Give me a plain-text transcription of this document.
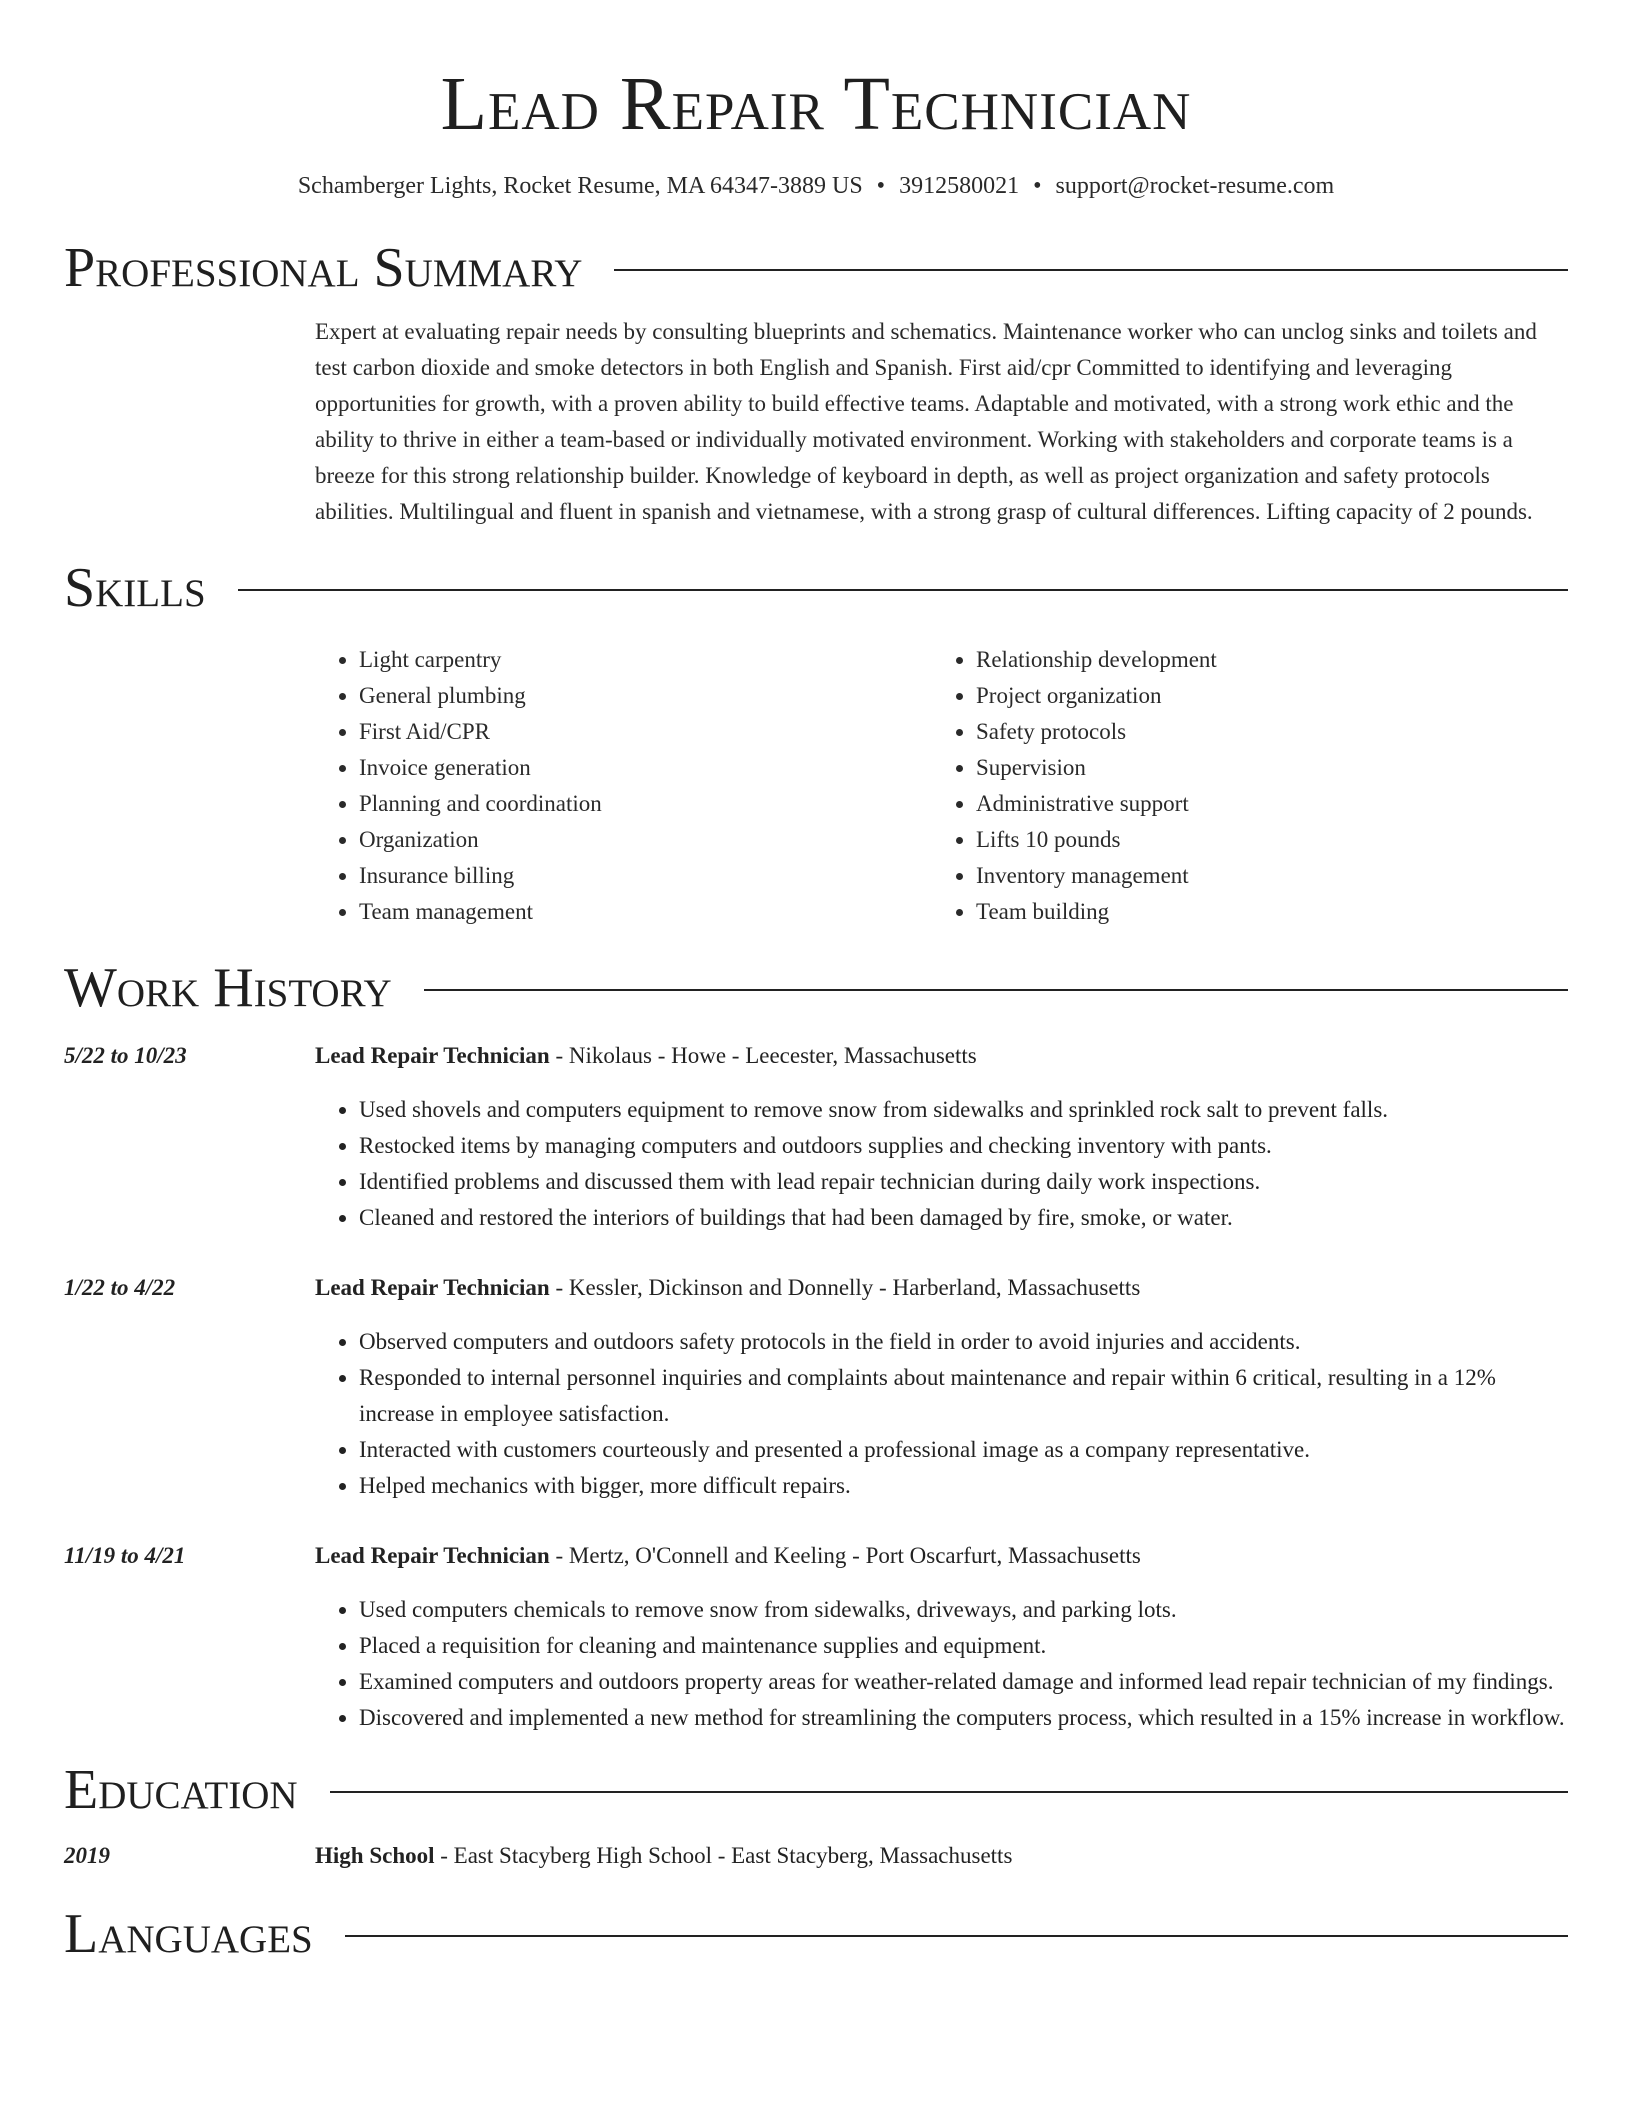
Lead Repair Technician
Schamberger Lights, Rocket Resume, MA 64347-3889 US • 3912580021 • support@rocket-resume.com
Professional Summary
Expert at evaluating repair needs by consulting blueprints and schematics. Maintenance worker who can unclog sinks and toilets and test carbon dioxide and smoke detectors in both English and Spanish. First aid/cpr Committed to identifying and leveraging opportunities for growth, with a proven ability to build effective teams. Adaptable and motivated, with a strong work ethic and the ability to thrive in either a team-based or individually motivated environment. Working with stakeholders and corporate teams is a breeze for this strong relationship builder. Knowledge of keyboard in depth, as well as project organization and safety protocols abilities. Multilingual and fluent in spanish and vietnamese, with a strong grasp of cultural differences. Lifting capacity of 2 pounds.
Skills
• Light carpentry
• General plumbing
• First Aid/CPR
• Invoice generation
• Planning and coordination
• Organization
• Insurance billing
• Team management
• Relationship development
• Project organization
• Safety protocols
• Supervision
• Administrative support
• Lifts 10 pounds
• Inventory management
• Team building
Work History
5/22 to 10/23	Lead Repair Technician - Nikolaus - Howe - Leecester, Massachusetts
• Used shovels and computers equipment to remove snow from sidewalks and sprinkled rock salt to prevent falls.
• Restocked items by managing computers and outdoors supplies and checking inventory with pants.
• Identified problems and discussed them with lead repair technician during daily work inspections.
• Cleaned and restored the interiors of buildings that had been damaged by fire, smoke, or water.
1/22 to 4/22	Lead Repair Technician - Kessler, Dickinson and Donnelly - Harberland, Massachusetts
• Observed computers and outdoors safety protocols in the field in order to avoid injuries and accidents.
• Responded to internal personnel inquiries and complaints about maintenance and repair within 6 critical, resulting in a 12% increase in employee satisfaction.
• Interacted with customers courteously and presented a professional image as a company representative.
• Helped mechanics with bigger, more difficult repairs.
11/19 to 4/21	Lead Repair Technician - Mertz, O'Connell and Keeling - Port Oscarfurt, Massachusetts
• Used computers chemicals to remove snow from sidewalks, driveways, and parking lots.
• Placed a requisition for cleaning and maintenance supplies and equipment.
• Examined computers and outdoors property areas for weather-related damage and informed lead repair technician of my findings.
• Discovered and implemented a new method for streamlining the computers process, which resulted in a 15% increase in workflow.
Education
2019	High School - East Stacyberg High School - East Stacyberg, Massachusetts
Languages
